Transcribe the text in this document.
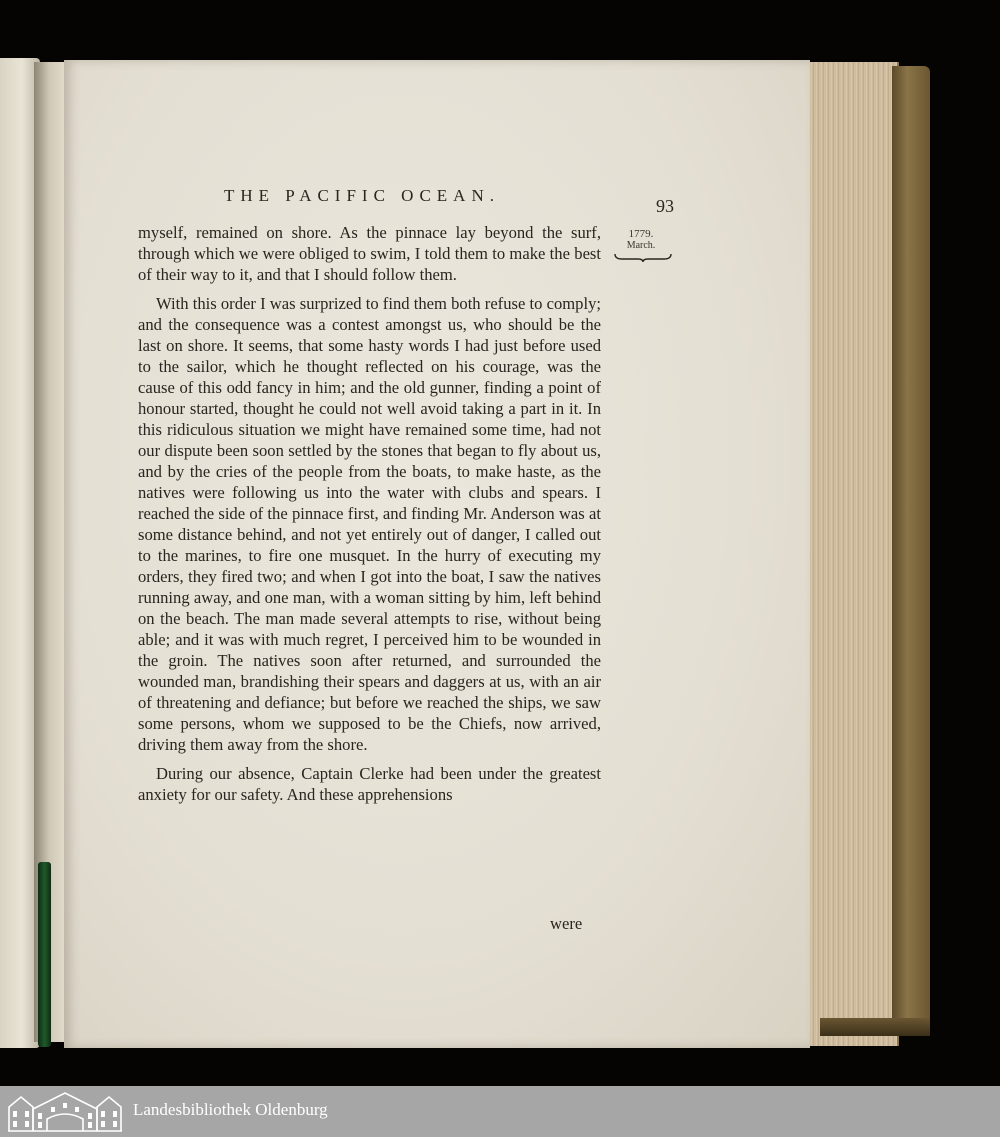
THE PACIFIC OCEAN.
93
1779.
March.

myself, remained on shore. As the pinnace lay beyond the surf, through which we were obliged to swim, I told them to make the best of their way to it, and that I should follow them.

With this order I was surprized to find them both refuse to comply; and the consequence was a contest amongst us, who should be the last on shore. It seems, that some hasty words I had just before used to the sailor, which he thought reflected on his courage, was the cause of this odd fancy in him; and the old gunner, finding a point of honour started, thought he could not well avoid taking a part in it. In this ridiculous situation we might have remained some time, had not our dispute been soon settled by the stones that began to fly about us, and by the cries of the people from the boats, to make haste, as the natives were following us into the water with clubs and spears. I reached the side of the pinnace first, and finding Mr. Anderson was at some distance behind, and not yet entirely out of danger, I called out to the marines, to fire one musquet. In the hurry of executing my orders, they fired two; and when I got into the boat, I saw the natives running away, and one man, with a woman sitting by him, left behind on the beach. The man made several attempts to rise, without being able; and it was with much regret, I perceived him to be wounded in the groin. The natives soon after returned, and surrounded the wounded man, brandishing their spears and daggers at us, with an air of threatening and defiance; but before we reached the ships, we saw some persons, whom we supposed to be the Chiefs, now arrived, driving them away from the shore.

During our absence, Captain Clerke had been under the greatest anxiety for our safety. And these apprehensions

were
Landesbibliothek Oldenburg
